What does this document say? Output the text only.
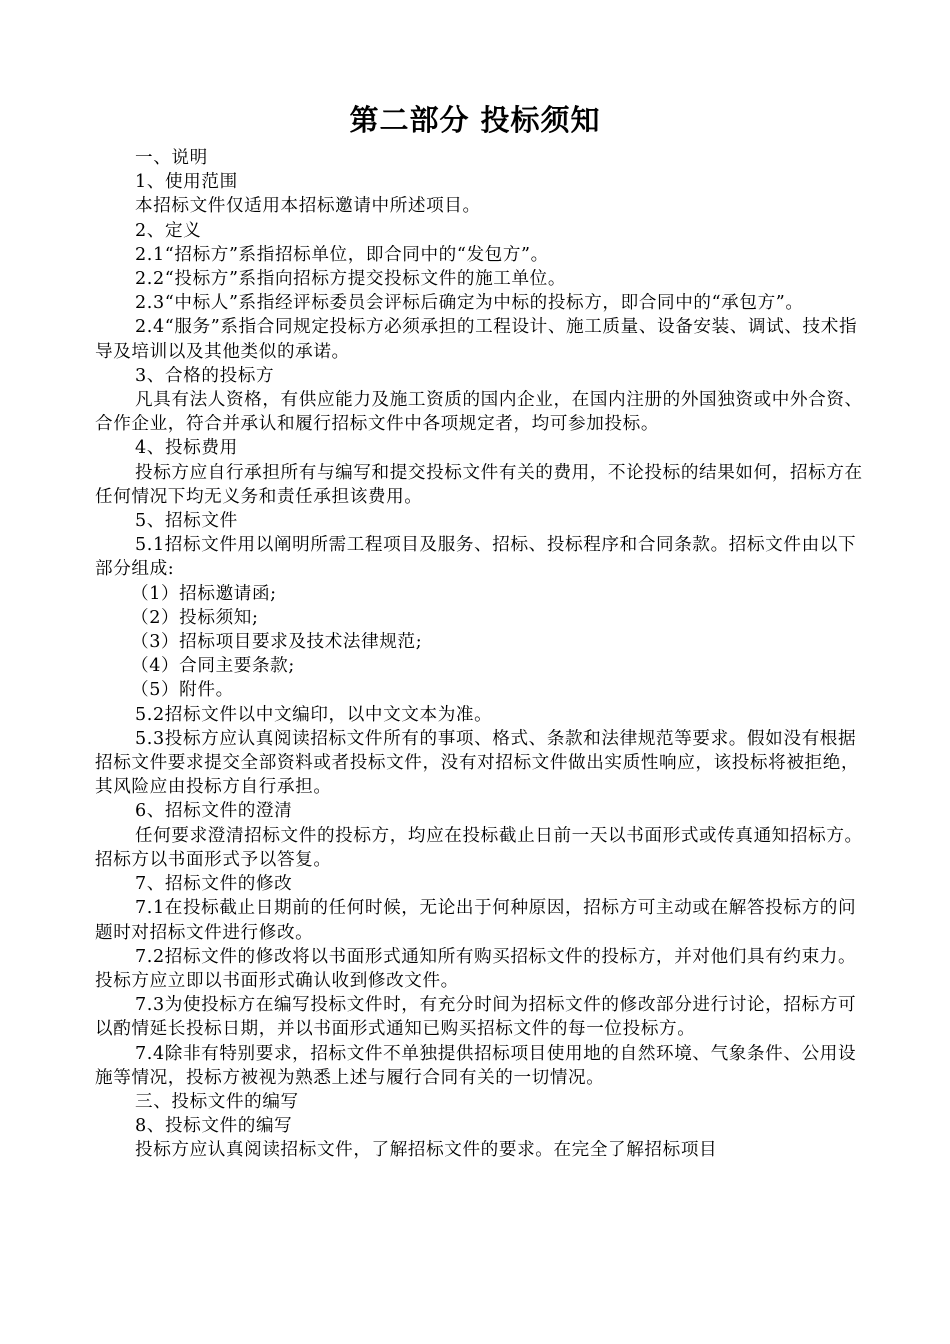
第二部分 投标须知

一、说明

1、使用范围

本招标文件仅适用本招标邀请中所述项目。

2、定义

2.1“招标方”系指招标单位，即合同中的“发包方”。

2.2“投标方”系指向招标方提交投标文件的施工单位。

2.3“中标人”系指经评标委员会评标后确定为中标的投标方，即合同中的“承包方”。

2.4“服务”系指合同规定投标方必须承担的工程设计、施工质量、设备安装、调试、技术指导及培训以及其他类似的承诺。

3、合格的投标方

凡具有法人资格，有供应能力及施工资质的国内企业，在国内注册的外国独资或中外合资、合作企业，符合并承认和履行招标文件中各项规定者，均可参加投标。

4、投标费用

投标方应自行承担所有与编写和提交投标文件有关的费用，不论投标的结果如何，招标方在任何情况下均无义务和责任承担该费用。

5、招标文件

5.1招标文件用以阐明所需工程项目及服务、招标、投标程序和合同条款。招标文件由以下部分组成:

（1）招标邀请函;

（2）投标须知;

（3）招标项目要求及技术法律规范;

（4）合同主要条款;

（5）附件。

5.2招标文件以中文编印，以中文文本为准。

5.3投标方应认真阅读招标文件所有的事项、格式、条款和法律规范等要求。假如没有根据招标文件要求提交全部资料或者投标文件，没有对招标文件做出实质性响应，该投标将被拒绝，其风险应由投标方自行承担。

6、招标文件的澄清

任何要求澄清招标文件的投标方，均应在投标截止日前一天以书面形式或传真通知招标方。招标方以书面形式予以答复。

7、招标文件的修改

7.1在投标截止日期前的任何时候，无论出于何种原因，招标方可主动或在解答投标方的问题时对招标文件进行修改。

7.2招标文件的修改将以书面形式通知所有购买招标文件的投标方，并对他们具有约束力。投标方应立即以书面形式确认收到修改文件。

7.3为使投标方在编写投标文件时，有充分时间为招标文件的修改部分进行讨论，招标方可以酌情延长投标日期，并以书面形式通知已购买招标文件的每一位投标方。

7.4除非有特别要求，招标文件不单独提供招标项目使用地的自然环境、气象条件、公用设施等情况，投标方被视为熟悉上述与履行合同有关的一切情况。

三、投标文件的编写

8、投标文件的编写

投标方应认真阅读招标文件，了解招标文件的要求。在完全了解招标项目
